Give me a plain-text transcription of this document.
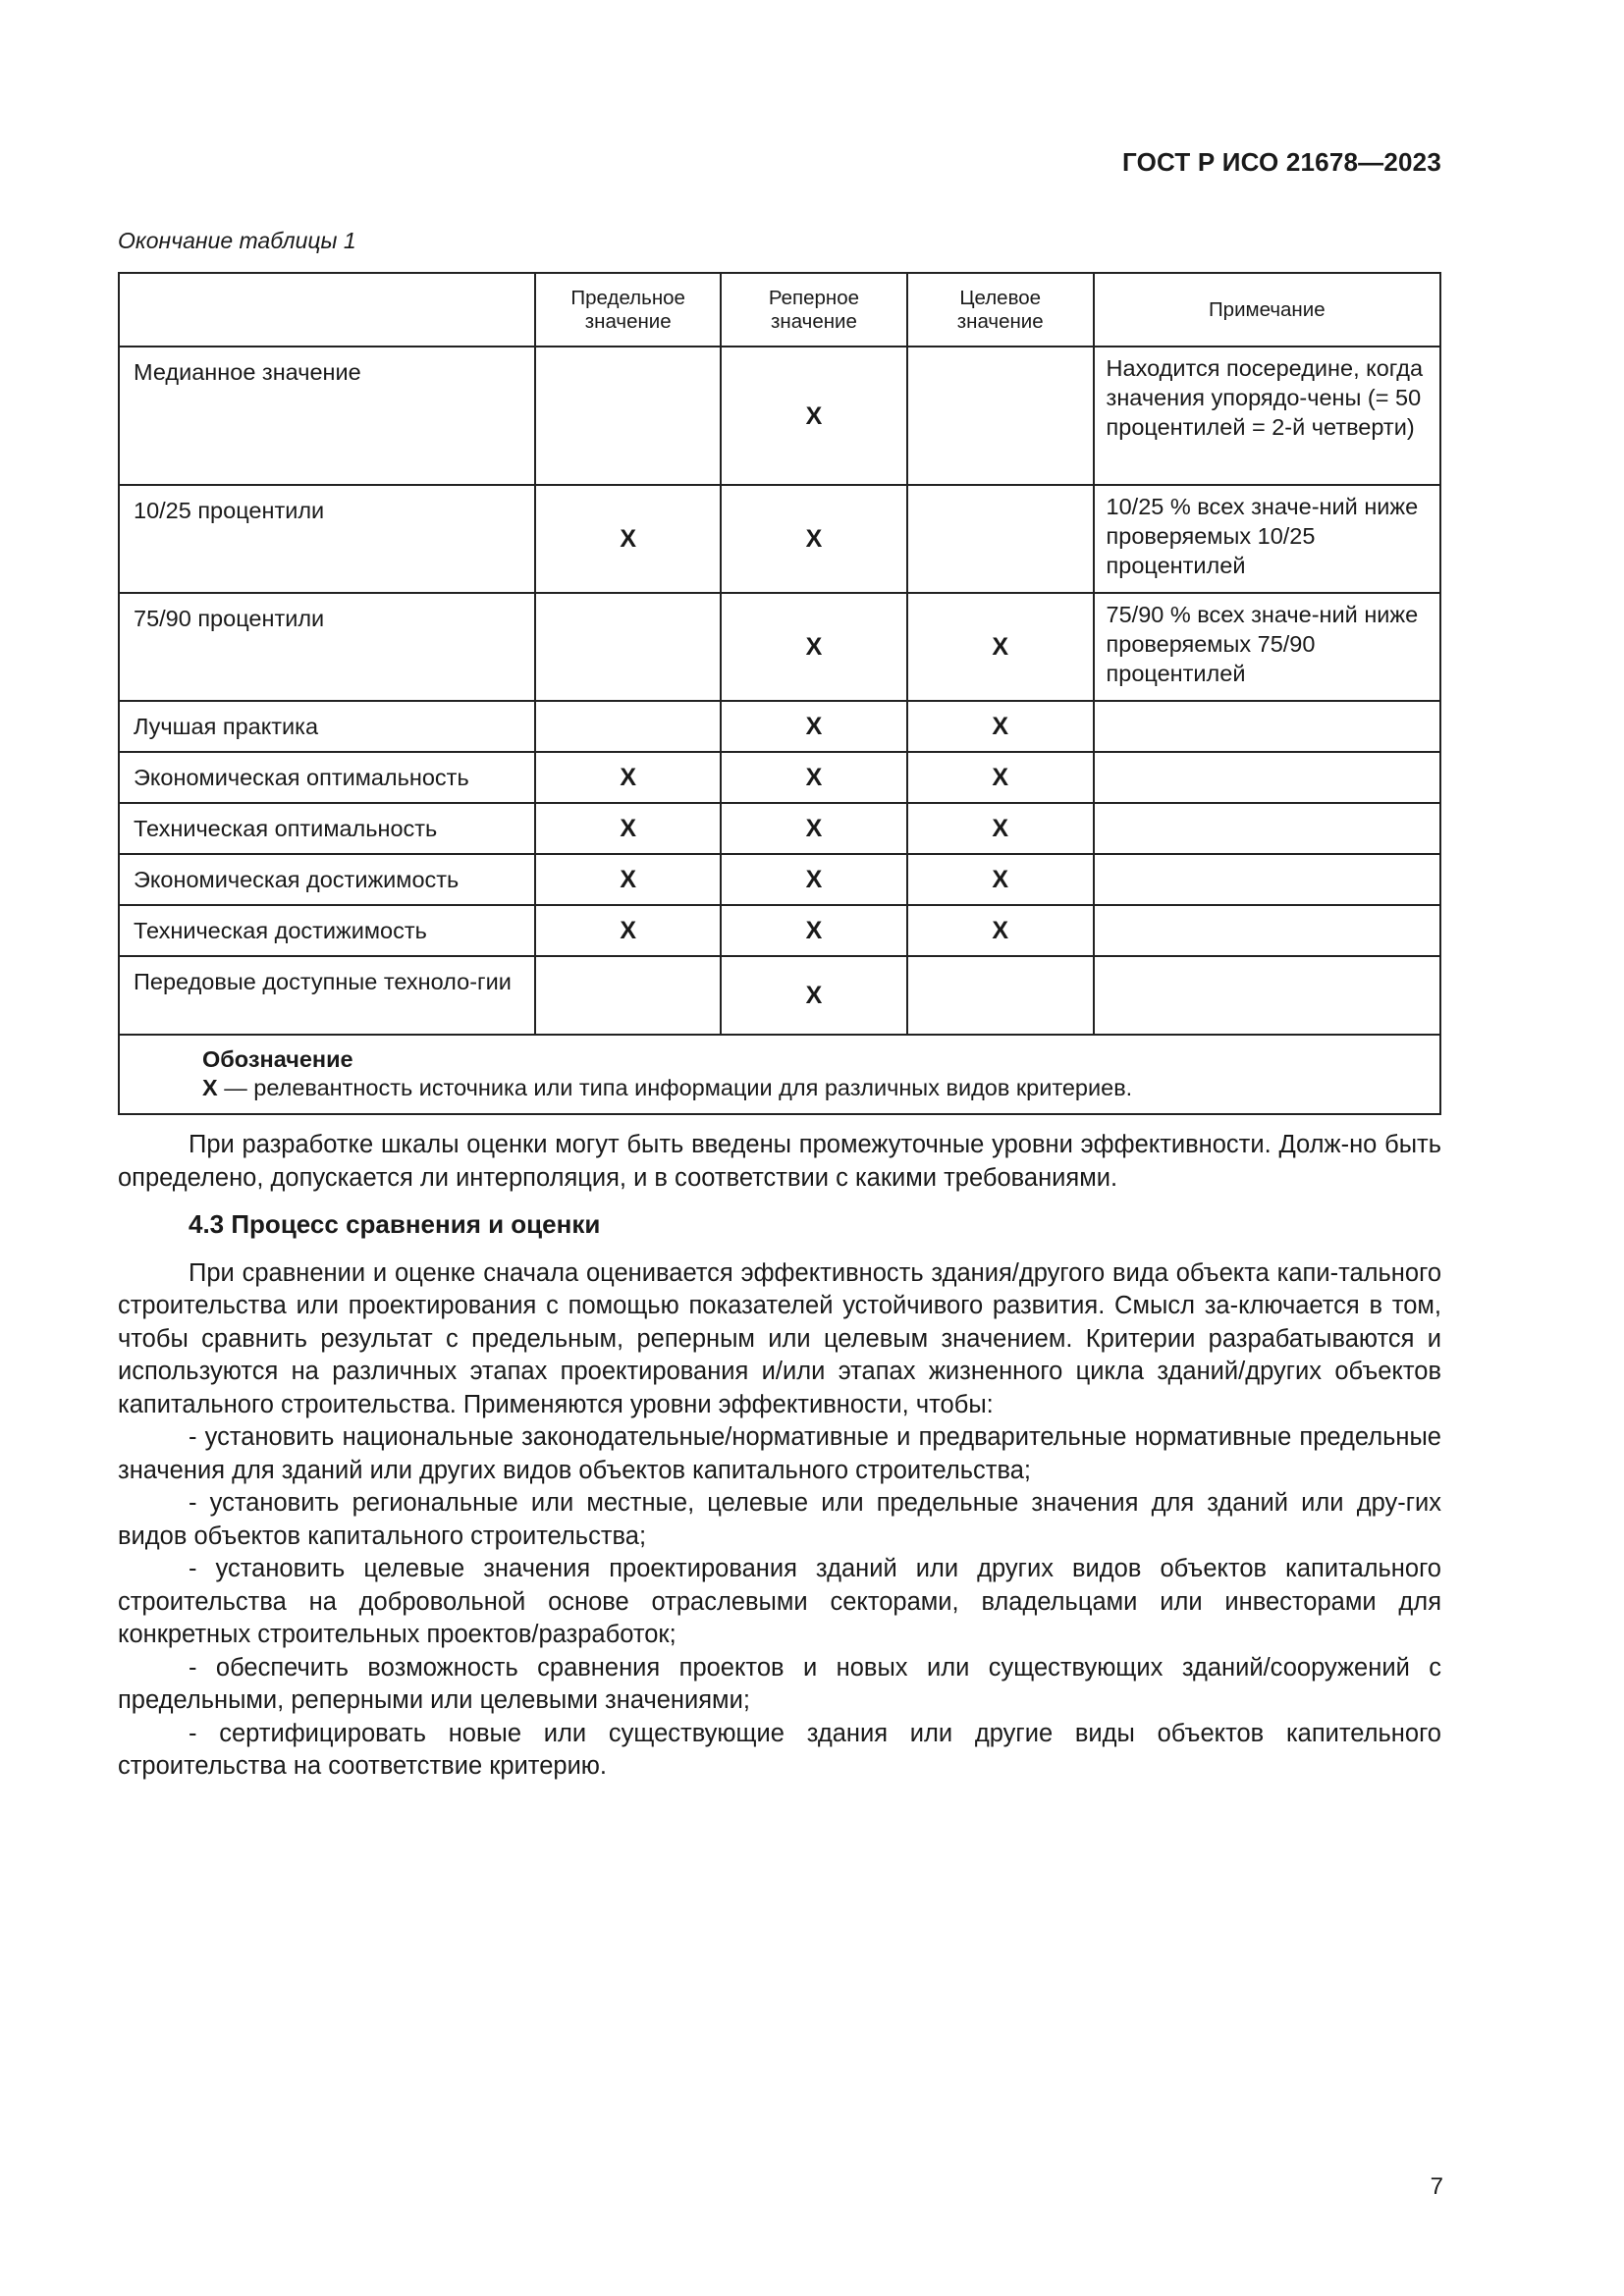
ГОСТ Р ИСО 21678—2023
Окончание таблицы 1
	Предельное значение	Реперное значение	Целевое значение	Примечание
Медианное значение		X		Находится посередине, когда значения упорядо-чены (= 50 процентилей = 2-й четверти)
10/25 процентили	X	X		10/25 % всех значе-ний ниже проверяемых 10/25 процентилей
75/90 процентили		X	X	75/90 % всех значе-ний ниже проверяемых 75/90 процентилей
Лучшая практика		X	X	
Экономическая оптимальность	X	X	X	
Техническая оптимальность	X	X	X	
Экономическая достижимость	X	X	X	
Техническая достижимость	X	X	X	
Передовые доступные техноло-гии		X		

Обозначение
X — релевантность источника или типа информации для различных видов критериев.				

При разработке шкалы оценки могут быть введены промежуточные уровни эффективности. Долж-но быть определено, допускается ли интерполяция, и в соответствии с какими требованиями.

4.3 Процесс сравнения и оценки

При сравнении и оценке сначала оценивается эффективность здания/другого вида объекта капи-тального строительства или проектирования с помощью показателей устойчивого развития. Смысл за-ключается в том, чтобы сравнить результат с предельным, реперным или целевым значением. Критерии разрабатываются и используются на различных этапах проектирования и/или этапах жизненного цикла зданий/других объектов капитального строительства. Применяются уровни эффективности, чтобы:

- установить национальные законодательные/нормативные и предварительные нормативные предельные значения для зданий или других видов объектов капитального строительства;

- установить региональные или местные, целевые или предельные значения для зданий или дру-гих видов объектов капитального строительства;

- установить целевые значения проектирования зданий или других видов объектов капитального строительства на добровольной основе отраслевыми секторами, владельцами или инвесторами для конкретных строительных проектов/разработок;

- обеспечить возможность сравнения проектов и новых или существующих зданий/сооружений с предельными, реперными или целевыми значениями;

- сертифицировать новые или существующие здания или другие виды объектов капительного строительства на соответствие критерию.

7
